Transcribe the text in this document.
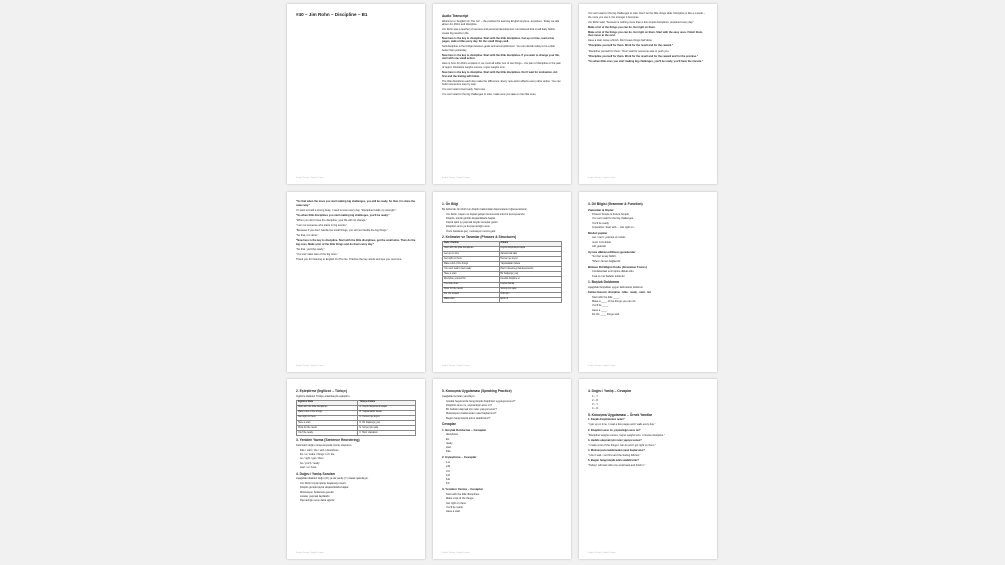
#40 – Jim Rohn – Discipline – B1
English Tiempo · English Tiempo
Audio Transcript
Welcome to "English On The Go" – the podcast for learning English anytime, anywhere. Today we talk about Jim Rohn and discipline.
Jim Rohn was a teacher of success and personal development. He believed that small daily habits create big results in life.
Now here is the key to discipline. Start with the little disciplines. Get up on time, read a few pages, walk a little every day. Do the small things well.
Self-discipline is the bridge between goals and accomplishment. You can decide today to be a little better than yesterday.
Now here is the key to discipline. Start with the little disciplines. If you want to change your life, start with one small action.
Here is how Jim Rohn explains it: we must all suffer one of two things – the pain of discipline or the pain of regret. Discipline weighs ounces, regret weighs tons.
Now here is the key to discipline. Start with the little disciplines. Don't wait for motivation. Act first and the feeling will follow.
The little disciplines each day make the difference. Every new action affects every other action. You can build momentum step by step.
You can't wait to feel ready. Start now.
You can't wait for the big challenges to start, make sure you take on the little ones.
English Tiempo · English Tiempo
You can't wait for the big challenges to start. Don't let the little things slide. Discipline is like a muscle – the more you use it, the stronger it becomes.
Jim Rohn said: "Success is nothing more than a few simple disciplines, practiced every day."
Make a list of the things you can do. Get right on them.
Make a list of the things you can do. Get right on them. Start with the easy ones. Finish them, then move to the next.
Have a start. Have a finish. Don't leave things half done.
"Discipline yourself for them. Work for the result and for the reward."
"Discipline yourself for them." Don't wait for someone else to push you.
"Discipline yourself for them. Work for the result and for the reward and for the promise."
"So when little ones you start making big challenges, you'll be ready, you'll have the muscle."
English Tiempo · English Tiempo
"So that when the more you start making big challenges, you will be ready. So that, it is done the same way."
If I want to build a strong body, I need to train every day. "Discipline builds my strength."
"So when little disciplines you start making big challenges, you'll be ready."
"When you don't have the discipline, your life will not change."
"I am not someone who starts in big events."
"Because if you don't handle the small things, you will not handle the big things."
"So that, it is done."
"Now here is the key to discipline. Start with the little disciplines, get the small wins. Then do the big ones. Make a list of the little things and do them every day."
"So that, you'll be ready."
"You can't take care of the big ones."
Thank you for listening to English On The Go. Practice the key words and see you next time.
English Tiempo · English Tiempo
1. Ön Bilgi
Bu bölümde Jim Rohn'un disiplin hakkındaki düşüncelerini öğreneceksiniz.
Jim Rohn, başarı ve kişisel gelişim konusunda ünlü bir konuşmacıdır.
Disiplin, küçük günlük alışkanlıklarla başlar.
Küçük işleri iyi yapmak büyük sonuçlar getirir.
Disiplinin acısı ya da pişmanlığın acısı.
Önce harekete geç, motivasyon sonra gelir.
2. Kelimeler ve Tanımlar (Phrases & Structures)
İfade / Kelime	Anlamı
Start with the little disciplines	Küçük disiplinlerle başla
Get up on time	Zamanında kalk
Get right on them	Hemen işe koyul
Make a list of the things	Yapılacakları listele
You can't wait to feel ready	Hazır hissetmeyi bekleyemezsin
Have a start	Bir başlangıç yap
Discipline yourself for	Kendini disipline et
The little ones	Küçük olanlar
Work for the result	Sonuç için çalış
For the reward	Ödül için
Make sure	Emin ol
English Tiempo · English Tiempo
3. Dil Bilgisi (Grammar & Function)
Zamanlar & Kipler
Present Simple & Future Simple
You can't wait for the big challenges.
You'll be ready.
Imperative: Start with..., Get right on...
Modal yapılar
can / can't: yetenek ve imkân
must: zorunluluk
will: gelecek
Ayrıca dikkat edilmesi gerekenler
'So that' amaç bildirir.
'When' zaman bağlacıdır.
Bilinen Dil Bilgisi Kodu (Grammar Focus)
Cümlelerdeki emir kipine dikkat edin.
Kısa ve net ifadeler kullanılır.
1. Boşluk Doldurma
Aşağıdaki boşlukları uygun kelimelerle doldurun.
Kelime Havuzu: discipline · little · ready · start · list
Start with the little ____.
Make a ____ of the things you can do.
You'll be ____.
Have a ____.
Do the ____ things well.
English Tiempo · English Tiempo
2. Eşleştirme (İngilizce – Türkçe)
İngilizce ifadeleri Türkçe anlamlarıyla eşleştirin.
İngilizce İfade	Türkçe Anlamı
Start with the little disciplines	A. Küçük disiplinlerle başla
Make a list of the things	B. Yapılacakları listele
Get right on them	C. Hemen işe koyul
Have a start	D. Bir başlangıç yap
Work for the result	E. Sonuç için çalış
You'll be ready	F. Hazır olacaksın
3. Yeniden Yazma (Sentence Reordering)
Kelimeleri doğru sıraya koyarak cümle oluşturun.
little / start / the / with / disciplines
list / a / make / things / of / the
on / right / get / them
be / you'll / ready
start / a / have
4. Doğru / Yanlış Soruları
Aşağıdaki ifadeleri doğru (D) ya da yanlış (Y) olarak işaretleyin.
Jim Rohn büyük işlerle başlamayı önerir.
Disiplin günlük küçük alışkanlıklarla başlar.
Motivasyon beklemek gerekir.
Listeler yapmak faydalıdır.
Pişmanlığın acısı daha ağırdır.
English Tiempo · English Tiempo
5. Konuşma Uygulaması (Speaking Practice)
Aşağıdaki soruları yanıtlayın.
Günlük hayatınızda hangi küçük disiplinleri uyguluyorsunuz?
Disiplinin acısı mı, pişmanlığın acısı mı?
Bir hedefe ulaşmak için neler yapıyorsunuz?
Motivasyonu beklemeden nasıl başlarsınız?
Bugün hangi küçük adımı atabilirsiniz?
Cevaplar
1. Boşluk Doldurma – Cevaplar
disciplines
list
ready
start
little
2. Eşleştirme – Cevaplar
1-A
2-B
3-C
4-D
5-E
6-F
3. Yeniden Yazma – Cevaplar
Start with the little disciplines.
Make a list of the things.
Get right on them.
You'll be ready.
Have a start.
English Tiempo · English Tiempo
4. Doğru / Yanlış – Cevaplar
1 – Y
2 – D
3 – Y
4 – D
5. Konuşma Uygulaması – Örnek Yanıtlar
1. Küçük disiplinleriniz neler?
"I get up on time, I read a few pages and I walk every day."
2. Disiplinin acısı mı, pişmanlığın acısı mı?
"Discipline weighs ounces, regret weighs tons. I choose discipline."
3. Hedefe ulaşmak için neler yapıyorsunuz?
"I make a list of the things I can do and I get right on them."
4. Motivasyonu beklemeden nasıl başlarsınız?
"I don't wait. I act first and the feeling follows."
5. Bugün hangi küçük adımı atabilirsiniz?
"Today I will start with one small task and finish it."
English Tiempo · English Tiempo
